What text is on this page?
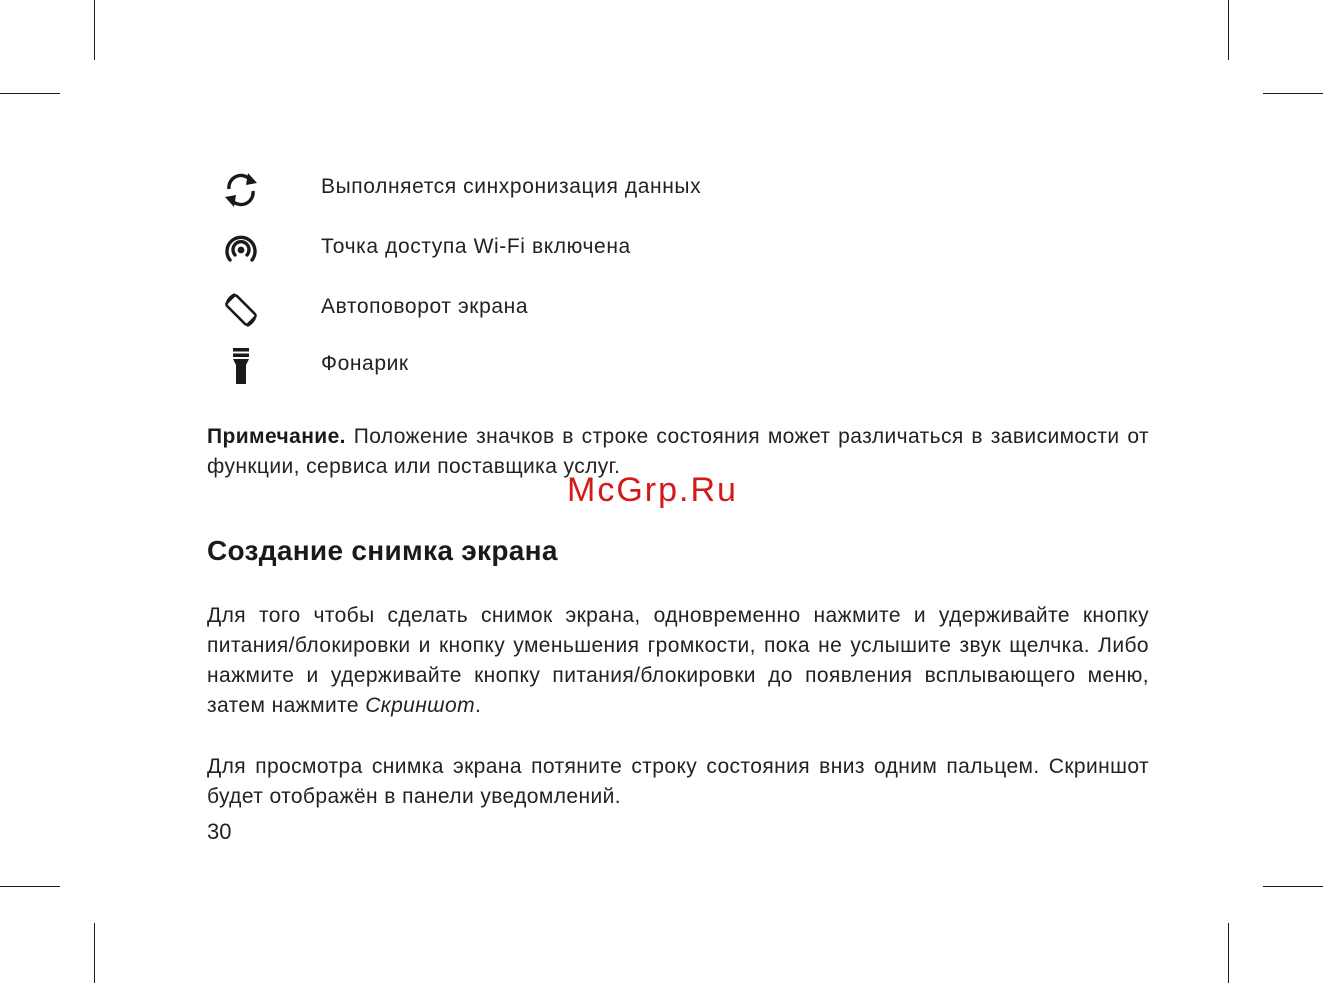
Выполняется синхронизация данных
Точка доступа Wi-Fi включена
Автоповорот экрана
Фонарик
Примечание. Положение значков в строке состояния может различаться в зависимости от функции, сервиса или поставщика услуг.
McGrp.Ru
Создание снимка экрана
Для того чтобы сделать снимок экрана, одновременно нажмите и удерживайте кнопку питания/блокировки и кнопку уменьшения громкости, пока не услышите звук щелчка. Либо нажмите и удерживайте кнопку питания/блокировки до появления всплывающего меню, затем нажмите Скриншот.
Для просмотра снимка экрана потяните строку состояния вниз одним пальцем. Скриншот будет отображён в панели уведомлений.
30
